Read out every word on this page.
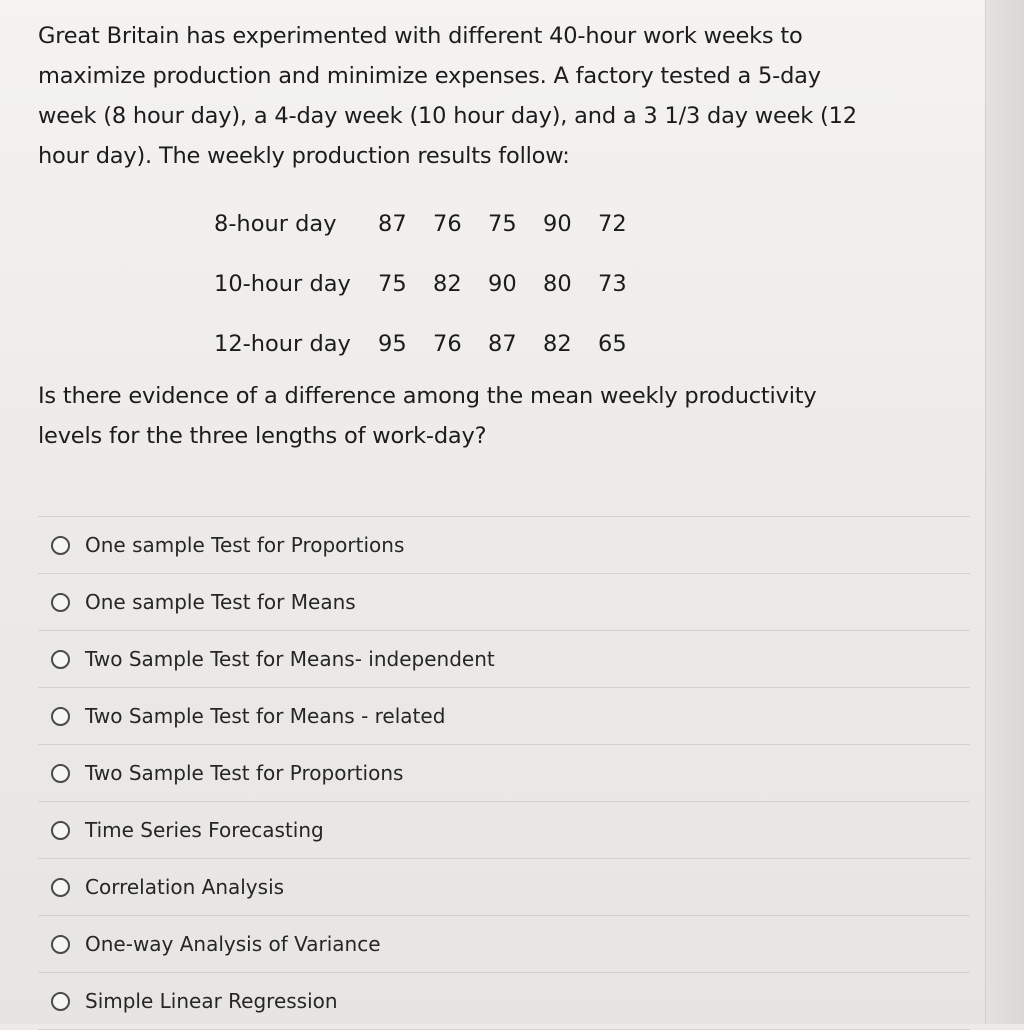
Great Britain has experimented with different 40-hour work weeks to
maximize production and minimize expenses. A factory tested a 5-day
week (8 hour day), a 4-day week (10 hour day), and a 3 1/3 day week (12
hour day). The weekly production results follow:
8-hour day	87	76	75	90	72
10-hour day	75	82	90	80	73
12-hour day	95	76	87	82	65
Is there evidence of a difference among the mean weekly productivity
levels for the three lengths of work-day?
One sample Test for Proportions
One sample Test for Means
Two Sample Test for Means- independent
Two Sample Test for Means - related
Two Sample Test for Proportions
Time Series Forecasting
Correlation Analysis
One-way Analysis of Variance
Simple Linear Regression
